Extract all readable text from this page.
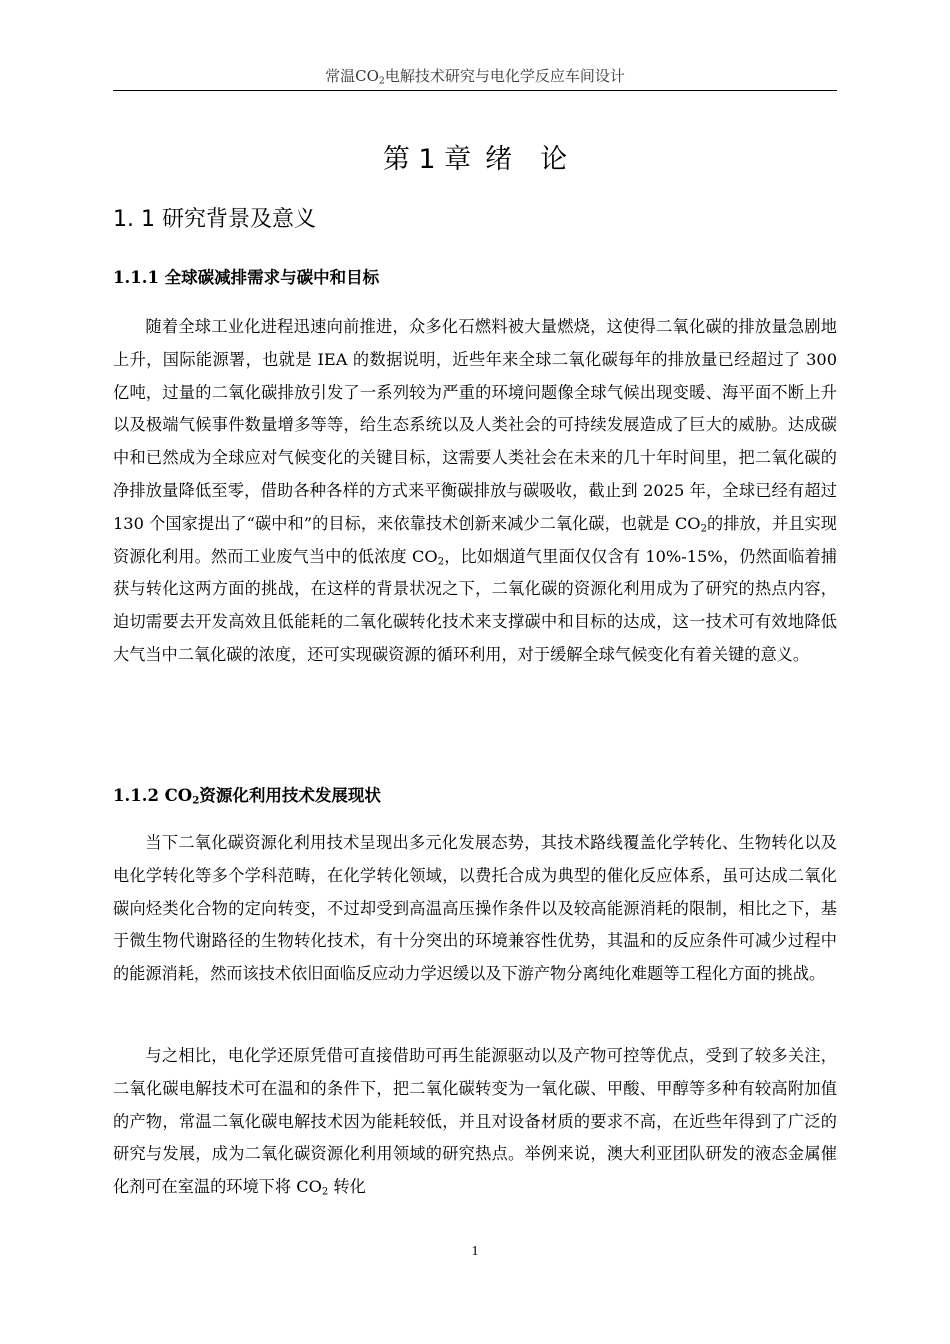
常温$CO_2$电解技术研究与电化学反应车间设计
第 1 章 绪 论
1. 1 研究背景及意义
1.1.1 全球碳减排需求与碳中和目标

随着全球工业化进程迅速向前推进，众多化石燃料被大量燃烧，这使得二氧化碳的排放量急剧地上升，国际能源署，也就是 IEA 的数据说明，近些年来全球二氧化碳每年的排放量已经超过了 300 亿吨，过量的二氧化碳排放引发了一系列较为严重的环境问题像全球气候出现变暖、海平面不断上升以及极端气候事件数量增多等等，给生态系统以及人类社会的可持续发展造成了巨大的威胁。达成碳中和已然成为全球应对气候变化的关键目标，这需要人类社会在未来的几十年时间里，把二氧化碳的净排放量降低至零，借助各种各样的方式来平衡碳排放与碳吸收，截止到 2025 年，全球已经有超过 130 个国家提出了“碳中和”的目标，来依靠技术创新来减少二氧化碳，也就是 $CO_2$的排放，并且实现资源化利用。然而工业废气当中的低浓度 $CO_2$，比如烟道气里面仅仅含有 10%-15%，仍然面临着捕获与转化这两方面的挑战，在这样的背景状况之下，二氧化碳的资源化利用成为了研究的热点内容，迫切需要去开发高效且低能耗的二氧化碳转化技术来支撑碳中和目标的达成，这一技术可有效地降低大气当中二氧化碳的浓度，还可实现碳资源的循环利用，对于缓解全球气候变化有着关键的意义。

1.1.2 $CO_2$资源化利用技术发展现状

当下二氧化碳资源化利用技术呈现出多元化发展态势，其技术路线覆盖化学转化、生物转化以及电化学转化等多个学科范畴，在化学转化领域，以费托合成为典型的催化反应体系，虽可达成二氧化碳向烃类化合物的定向转变，不过却受到高温高压操作条件以及较高能源消耗的限制，相比之下，基于微生物代谢路径的生物转化技术，有十分突出的环境兼容性优势，其温和的反应条件可减少过程中的能源消耗，然而该技术依旧面临反应动力学迟缓以及下游产物分离纯化难题等工程化方面的挑战。

与之相比，电化学还原凭借可直接借助可再生能源驱动以及产物可控等优点，受到了较多关注，二氧化碳电解技术可在温和的条件下，把二氧化碳转变为一氧化碳、甲酸、甲醇等多种有较高附加值的产物，常温二氧化碳电解技术因为能耗较低，并且对设备材质的要求不高，在近些年得到了广泛的研究与发展，成为二氧化碳资源化利用领域的研究热点。举例来说，澳大利亚团队研发的液态金属催化剂可在室温的环境下将 $CO_2$ 转化

1
